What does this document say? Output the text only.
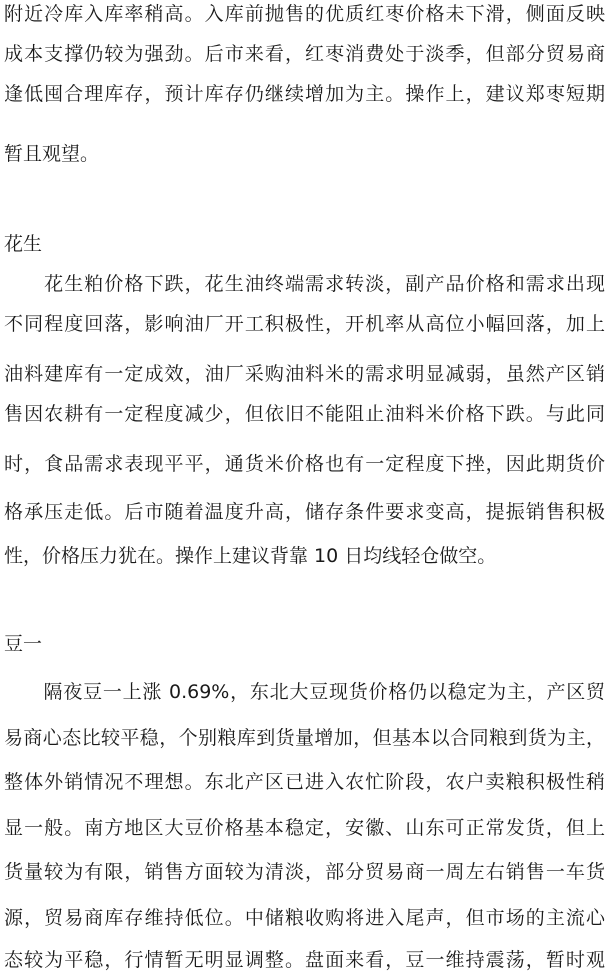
附近冷库入库率稍高。入库前抛售的优质红枣价格未下滑，侧面反映
成本支撑仍较为强劲。后市来看，红枣消费处于淡季，但部分贸易商
逢低囤合理库存，预计库存仍继续增加为主。操作上，建议郑枣短期
暂且观望。
花生
　　花生粕价格下跌，花生油终端需求转淡，副产品价格和需求出现
不同程度回落，影响油厂开工积极性，开机率从高位小幅回落，加上
油料建库有一定成效，油厂采购油料米的需求明显减弱，虽然产区销
售因农耕有一定程度减少，但依旧不能阻止油料米价格下跌。与此同
时，食品需求表现平平，通货米价格也有一定程度下挫，因此期货价
格承压走低。后市随着温度升高，储存条件要求变高，提振销售积极
性，价格压力犹在。操作上建议背靠 10 日均线轻仓做空。
豆一
　　隔夜豆一上涨 0.69%，东北大豆现货价格仍以稳定为主，产区贸
易商心态比较平稳，个别粮库到货量增加，但基本以合同粮到货为主，
整体外销情况不理想。东北产区已进入农忙阶段，农户卖粮积极性稍
显一般。南方地区大豆价格基本稳定，安徽、山东可正常发货，但上
货量较为有限，销售方面较为清淡，部分贸易商一周左右销售一车货
源，贸易商库存维持低位。中储粮收购将进入尾声，但市场的主流心
态较为平稳，行情暂无明显调整。盘面来看，豆一维持震荡，暂时观
